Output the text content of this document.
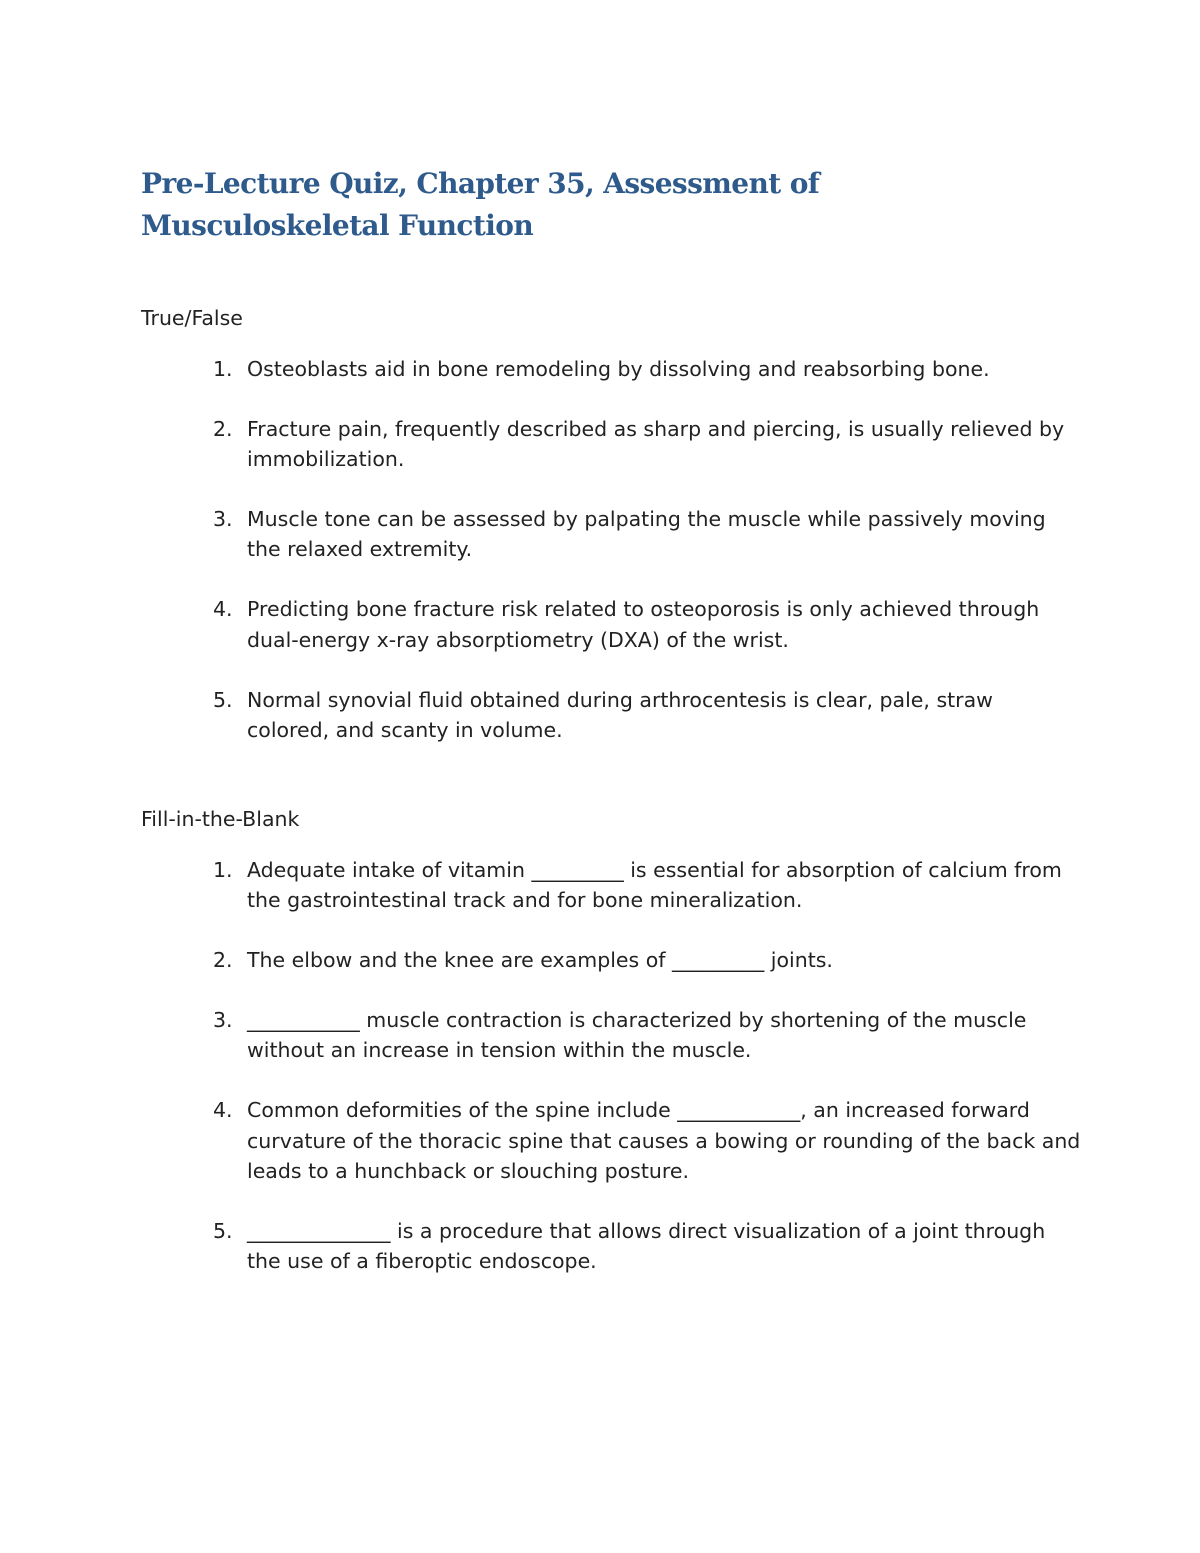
Pre-Lecture Quiz, Chapter 35, Assessment of Musculoskeletal Function

True/False

1. Osteoblasts aid in bone remodeling by dissolving and reabsorbing bone.
2. Fracture pain, frequently described as sharp and piercing, is usually relieved by immobilization.
3. Muscle tone can be assessed by palpating the muscle while passively moving the relaxed extremity.
4. Predicting bone fracture risk related to osteoporosis is only achieved through dual-energy x-ray absorptiometry (DXA) of the wrist.
5. Normal synovial fluid obtained during arthrocentesis is clear, pale, straw colored, and scanty in volume.

Fill-in-the-Blank

1. Adequate intake of vitamin _________ is essential for absorption of calcium from the gastrointestinal track and for bone mineralization.
2. The elbow and the knee are examples of _________ joints.
3. ___________ muscle contraction is characterized by shortening of the muscle without an increase in tension within the muscle.
4. Common deformities of the spine include ____________, an increased forward curvature of the thoracic spine that causes a bowing or rounding of the back and leads to a hunchback or slouching posture.
5. ______________ is a procedure that allows direct visualization of a joint through the use of a fiberoptic endoscope.
